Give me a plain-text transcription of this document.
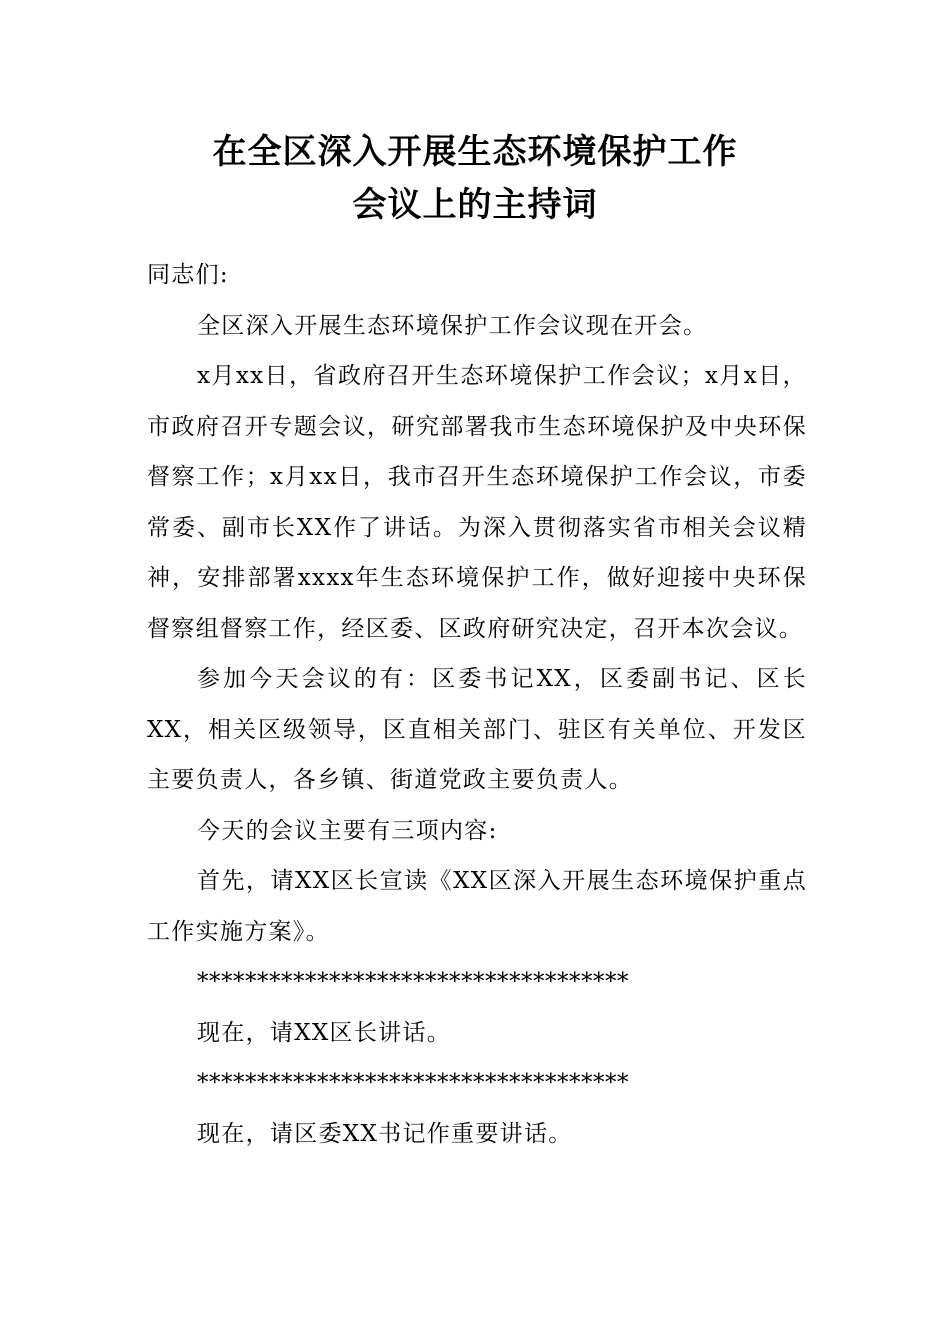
在全区深入开展生态环境保护工作
会议上的主持词

同志们:

全区深入开展生态环境保护工作会议现在开会。

x月xx日，省政府召开生态环境保护工作会议；x月x日，市政府召开专题会议，研究部署我市生态环境保护及中央环保督察工作；x月xx日，我市召开生态环境保护工作会议，市委常委、副市长XX作了讲话。为深入贯彻落实省市相关会议精神，安排部署xxxx年生态环境保护工作，做好迎接中央环保督察组督察工作，经区委、区政府研究决定，召开本次会议。

参加今天会议的有：区委书记XX，区委副书记、区长XX，相关区级领导，区直相关部门、驻区有关单位、开发区主要负责人，各乡镇、街道党政主要负责人。

今天的会议主要有三项内容:

首先，请XX区长宣读《XX区深入开展生态环境保护重点工作实施方案》。

************************************

现在，请XX区长讲话。

************************************

现在，请区委XX书记作重要讲话。
